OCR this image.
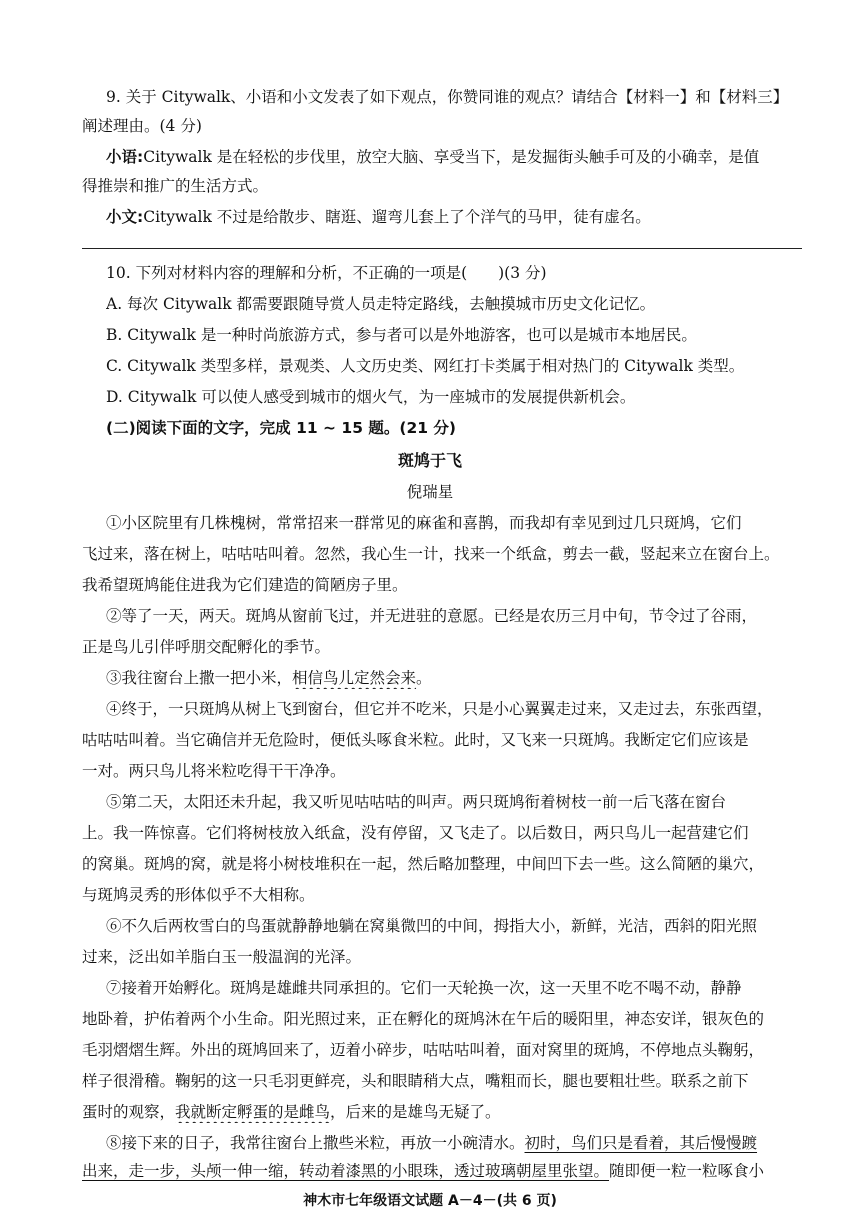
9. 关于 Citywalk、小语和小文发表了如下观点，你赞同谁的观点？请结合【材料一】和【材料三】
阐述理由。(4 分)
小语:Citywalk 是在轻松的步伐里，放空大脑、享受当下，是发掘街头触手可及的小确幸，是值
得推崇和推广的生活方式。
小文:Citywalk 不过是给散步、瞎逛、遛弯儿套上了个洋气的马甲，徒有虚名。
10. 下列对材料内容的理解和分析，不正确的一项是(　　)(3 分)
A. 每次 Citywalk 都需要跟随导赏人员走特定路线，去触摸城市历史文化记忆。
B. Citywalk 是一种时尚旅游方式，参与者可以是外地游客，也可以是城市本地居民。
C. Citywalk 类型多样，景观类、人文历史类、网红打卡类属于相对热门的 Citywalk 类型。
D. Citywalk 可以使人感受到城市的烟火气，为一座城市的发展提供新机会。
(二)阅读下面的文字，完成 11 ~ 15 题。(21 分)
斑鸠于飞
倪瑞星
①小区院里有几株槐树，常常招来一群常见的麻雀和喜鹊，而我却有幸见到过几只斑鸠，它们
飞过来，落在树上，咕咕咕叫着。忽然，我心生一计，找来一个纸盒，剪去一截，竖起来立在窗台上。
我希望斑鸠能住进我为它们建造的简陋房子里。
②等了一天，两天。斑鸠从窗前飞过，并无进驻的意愿。已经是农历三月中旬，节令过了谷雨，
正是鸟儿引伴呼朋交配孵化的季节。
③我往窗台上撒一把小米，相信鸟儿定然会来。
④终于，一只斑鸠从树上飞到窗台，但它并不吃米，只是小心翼翼走过来，又走过去，东张西望，
咕咕咕叫着。当它确信并无危险时，便低头啄食米粒。此时，又飞来一只斑鸠。我断定它们应该是
一对。两只鸟儿将米粒吃得干干净净。
⑤第二天，太阳还未升起，我又听见咕咕咕的叫声。两只斑鸠衔着树枝一前一后飞落在窗台
上。我一阵惊喜。它们将树枝放入纸盒，没有停留，又飞走了。以后数日，两只鸟儿一起营建它们
的窝巢。斑鸠的窝，就是将小树枝堆积在一起，然后略加整理，中间凹下去一些。这么简陋的巢穴，
与斑鸠灵秀的形体似乎不大相称。
⑥不久后两枚雪白的鸟蛋就静静地躺在窝巢微凹的中间，拇指大小，新鲜，光洁，西斜的阳光照
过来，泛出如羊脂白玉一般温润的光泽。
⑦接着开始孵化。斑鸠是雄雌共同承担的。它们一天轮换一次，这一天里不吃不喝不动，静静
地卧着，护佑着两个小生命。阳光照过来，正在孵化的斑鸠沐在午后的暖阳里，神态安详，银灰色的
毛羽熠熠生辉。外出的斑鸠回来了，迈着小碎步，咕咕咕叫着，面对窝里的斑鸠，不停地点头鞠躬，
样子很滑稽。鞠躬的这一只毛羽更鲜亮，头和眼睛稍大点，嘴粗而长，腿也要粗壮些。联系之前下
蛋时的观察，我就断定孵蛋的是雌鸟，后来的是雄鸟无疑了。
⑧接下来的日子，我常往窗台上撒些米粒，再放一小碗清水。初时，鸟们只是看着，其后慢慢踱
出来，走一步，头颅一伸一缩，转动着漆黑的小眼珠，透过玻璃朝屋里张望。随即便一粒一粒啄食小
神木市七年级语文试题 A－4－(共 6 页)
